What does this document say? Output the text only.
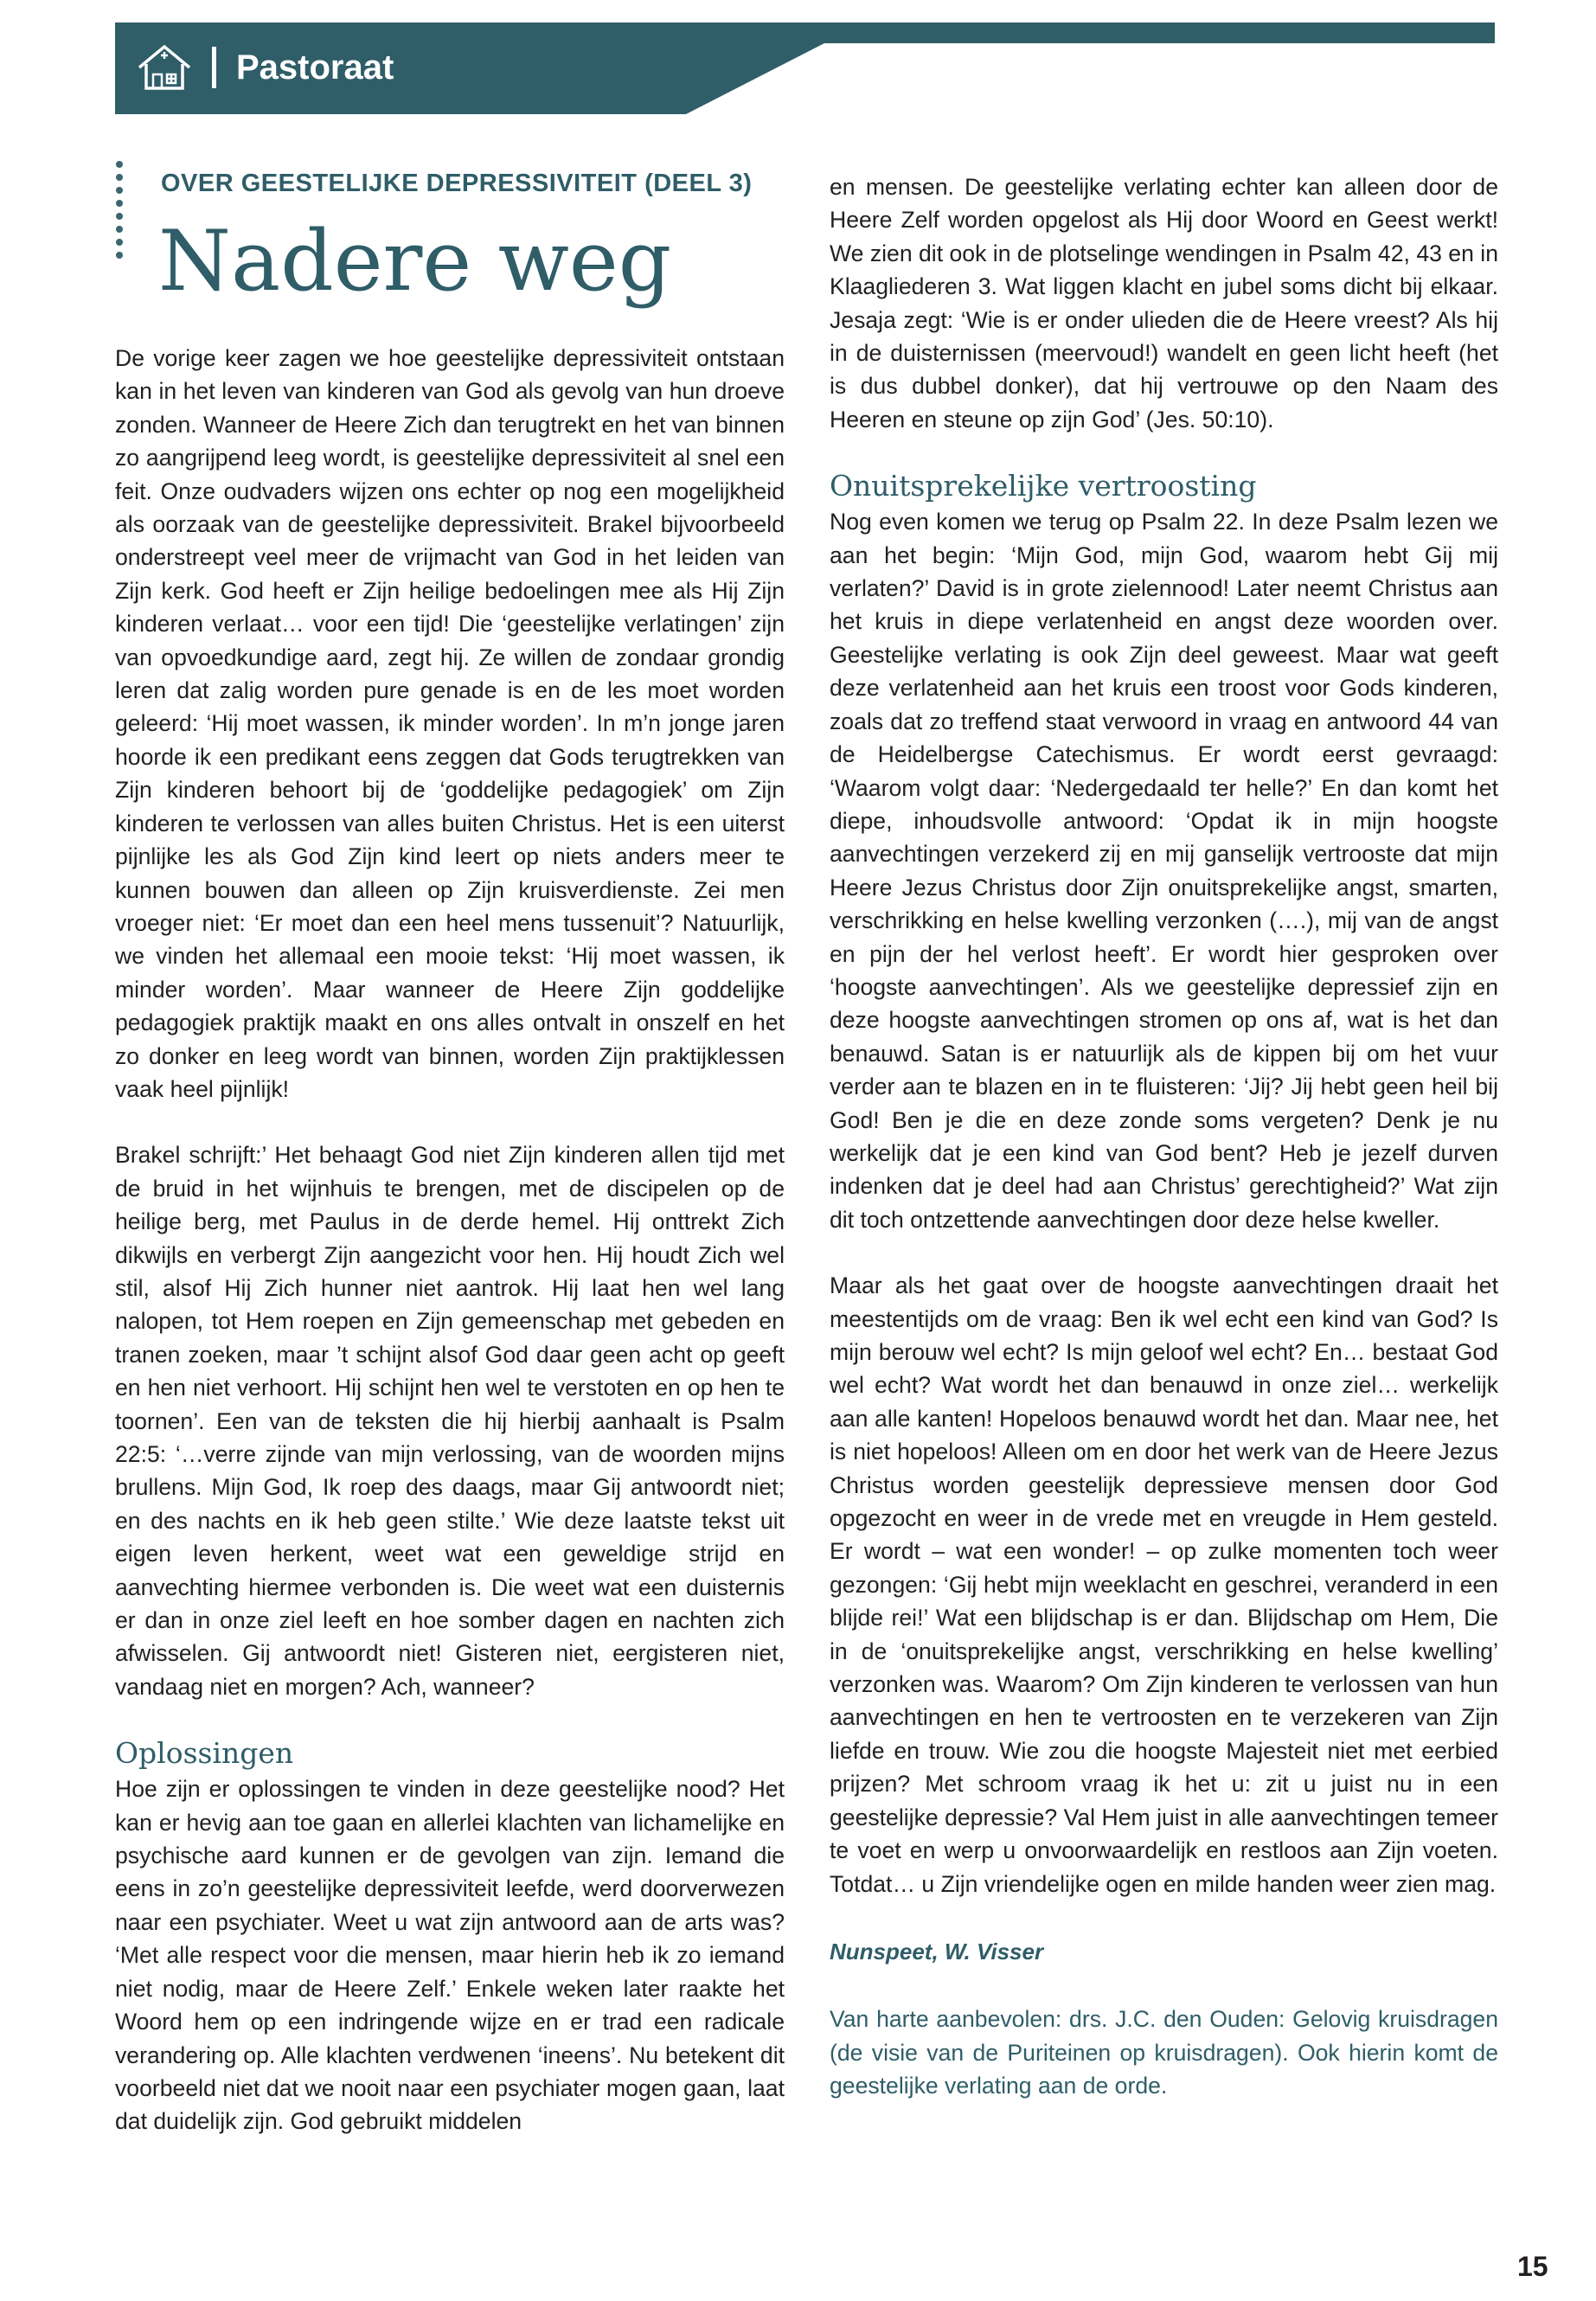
Pastoraat
OVER GEESTELIJKE DEPRESSIVITEIT (DEEL 3)
Nadere weg

De vorige keer zagen we hoe geestelijke depressiviteit ontstaan kan in het leven van kinderen van God als gevolg van hun droeve zonden. Wanneer de Heere Zich dan terugtrekt en het van binnen zo aangrijpend leeg wordt, is geestelijke depressiviteit al snel een feit. Onze oudvaders wijzen ons echter op nog een mogelijkheid als oorzaak van de geestelijke depressiviteit. Brakel bijvoorbeeld onderstreept veel meer de vrijmacht van God in het leiden van Zijn kerk. God heeft er Zijn heilige bedoelingen mee als Hij Zijn kinderen verlaat… voor een tijd! Die ‘geestelijke verlatingen’ zijn van opvoedkundige aard, zegt hij. Ze willen de zondaar grondig leren dat zalig worden pure genade is en de les moet worden geleerd: ‘Hij moet wassen, ik minder worden’. In m’n jonge jaren hoorde ik een predikant eens zeggen dat Gods terugtrekken van Zijn kinderen behoort bij de ‘goddelijke pedagogiek’ om Zijn kinderen te verlossen van alles buiten Christus. Het is een uiterst pijnlijke les als God Zijn kind leert op niets anders meer te kunnen bouwen dan alleen op Zijn kruisverdienste. Zei men vroeger niet: ‘Er moet dan een heel mens tussenuit’? Natuurlijk, we vinden het allemaal een mooie tekst: ‘Hij moet wassen, ik minder worden’. Maar wanneer de Heere Zijn goddelijke pedagogiek praktijk maakt en ons alles ontvalt in onszelf en het zo donker en leeg wordt van binnen, worden Zijn praktijklessen vaak heel pijnlijk!

Brakel schrijft:’ Het behaagt God niet Zijn kinderen allen tijd met de bruid in het wijnhuis te brengen, met de discipelen op de heilige berg, met Paulus in de derde hemel. Hij onttrekt Zich dikwijls en verbergt Zijn aangezicht voor hen. Hij houdt Zich wel stil, alsof Hij Zich hunner niet aantrok. Hij laat hen wel lang nalopen, tot Hem roepen en Zijn gemeenschap met gebeden en tranen zoeken, maar ’t schijnt alsof God daar geen acht op geeft en hen niet verhoort. Hij schijnt hen wel te verstoten en op hen te toornen’. Een van de teksten die hij hierbij aanhaalt is Psalm 22:5: ‘…verre zijnde van mijn verlossing, van de woorden mijns brullens. Mijn God, Ik roep des daags, maar Gij antwoordt niet; en des nachts en ik heb geen stilte.’ Wie deze laatste tekst uit eigen leven herkent, weet wat een geweldige strijd en aanvechting hiermee verbonden is. Die weet wat een duisternis er dan in onze ziel leeft en hoe somber dagen en nachten zich afwisselen. Gij antwoordt niet! Gisteren niet, eergisteren niet, vandaag niet en morgen? Ach, wanneer?

Oplossingen

Hoe zijn er oplossingen te vinden in deze geestelijke nood? Het kan er hevig aan toe gaan en allerlei klachten van lichamelijke en psychische aard kunnen er de gevolgen van zijn. Iemand die eens in zo’n geestelijke depressiviteit leefde, werd doorverwezen naar een psychiater. Weet u wat zijn antwoord aan de arts was? ‘Met alle respect voor die mensen, maar hierin heb ik zo iemand niet nodig, maar de Heere Zelf.’ Enkele weken later raakte het Woord hem op een indringende wijze en er trad een radicale verandering op. Alle klachten verdwenen ‘ineens’. Nu betekent dit voorbeeld niet dat we nooit naar een psychiater mogen gaan, laat dat duidelijk zijn. God gebruikt middelen

en mensen. De geestelijke verlating echter kan alleen door de Heere Zelf worden opgelost als Hij door Woord en Geest werkt! We zien dit ook in de plotselinge wendingen in Psalm 42, 43 en in Klaagliederen 3. Wat liggen klacht en jubel soms dicht bij elkaar. Jesaja zegt: ‘Wie is er onder ulieden die de Heere vreest? Als hij in de duisternissen (meervoud!) wandelt en geen licht heeft (het is dus dubbel donker), dat hij vertrouwe op den Naam des Heeren en steune op zijn God’ (Jes. 50:10).

Onuitsprekelijke vertroosting

Nog even komen we terug op Psalm 22. In deze Psalm lezen we aan het begin: ‘Mijn God, mijn God, waarom hebt Gij mij verlaten?’ David is in grote zielennood! Later neemt Christus aan het kruis in diepe verlatenheid en angst deze woorden over. Geestelijke verlating is ook Zijn deel geweest. Maar wat geeft deze verlatenheid aan het kruis een troost voor Gods kinderen, zoals dat zo treffend staat verwoord in vraag en antwoord 44 van de Heidelbergse Catechismus. Er wordt eerst gevraagd: ‘Waarom volgt daar: ‘Nedergedaald ter helle?’ En dan komt het diepe, inhoudsvolle antwoord: ‘Opdat ik in mijn hoogste aanvechtingen verzekerd zij en mij ganselijk vertrooste dat mijn Heere Jezus Christus door Zijn onuitsprekelijke angst, smarten, verschrikking en helse kwelling verzonken (….), mij van de angst en pijn der hel verlost heeft’. Er wordt hier gesproken over ‘hoogste aanvechtingen’. Als we geestelijke depressief zijn en deze hoogste aanvechtingen stromen op ons af, wat is het dan benauwd. Satan is er natuurlijk als de kippen bij om het vuur verder aan te blazen en in te fluisteren: ‘Jij? Jij hebt geen heil bij God! Ben je die en deze zonde soms vergeten? Denk je nu werkelijk dat je een kind van God bent? Heb je jezelf durven indenken dat je deel had aan Christus’ gerechtigheid?’ Wat zijn dit toch ontzettende aanvechtingen door deze helse kweller.

Maar als het gaat over de hoogste aanvechtingen draait het meestentijds om de vraag: Ben ik wel echt een kind van God? Is mijn berouw wel echt? Is mijn geloof wel echt? En… bestaat God wel echt? Wat wordt het dan benauwd in onze ziel… werkelijk aan alle kanten! Hopeloos benauwd wordt het dan. Maar nee, het is niet hopeloos! Alleen om en door het werk van de Heere Jezus Christus worden geestelijk depressieve mensen door God opgezocht en weer in de vrede met en vreugde in Hem gesteld. Er wordt – wat een wonder! – op zulke momenten toch weer gezongen: ‘Gij hebt mijn weeklacht en geschrei, veranderd in een blijde rei!’ Wat een blijdschap is er dan. Blijdschap om Hem, Die in de ‘onuitsprekelijke angst, verschrikking en helse kwelling’ verzonken was. Waarom? Om Zijn kinderen te verlossen van hun aanvechtingen en hen te vertroosten en te verzekeren van Zijn liefde en trouw. Wie zou die hoogste Majesteit niet met eerbied prijzen? Met schroom vraag ik het u: zit u juist nu in een geestelijke depressie? Val Hem juist in alle aanvechtingen temeer te voet en werp u onvoorwaardelijk en restloos aan Zijn voeten. Totdat… u Zijn vriendelijke ogen en milde handen weer zien mag.

Nunspeet, W. Visser
Van harte aanbevolen: drs. J.C. den Ouden: Gelovig kruisdragen (de visie van de Puriteinen op kruisdragen). Ook hierin komt de geestelijke verlating aan de orde.
15
